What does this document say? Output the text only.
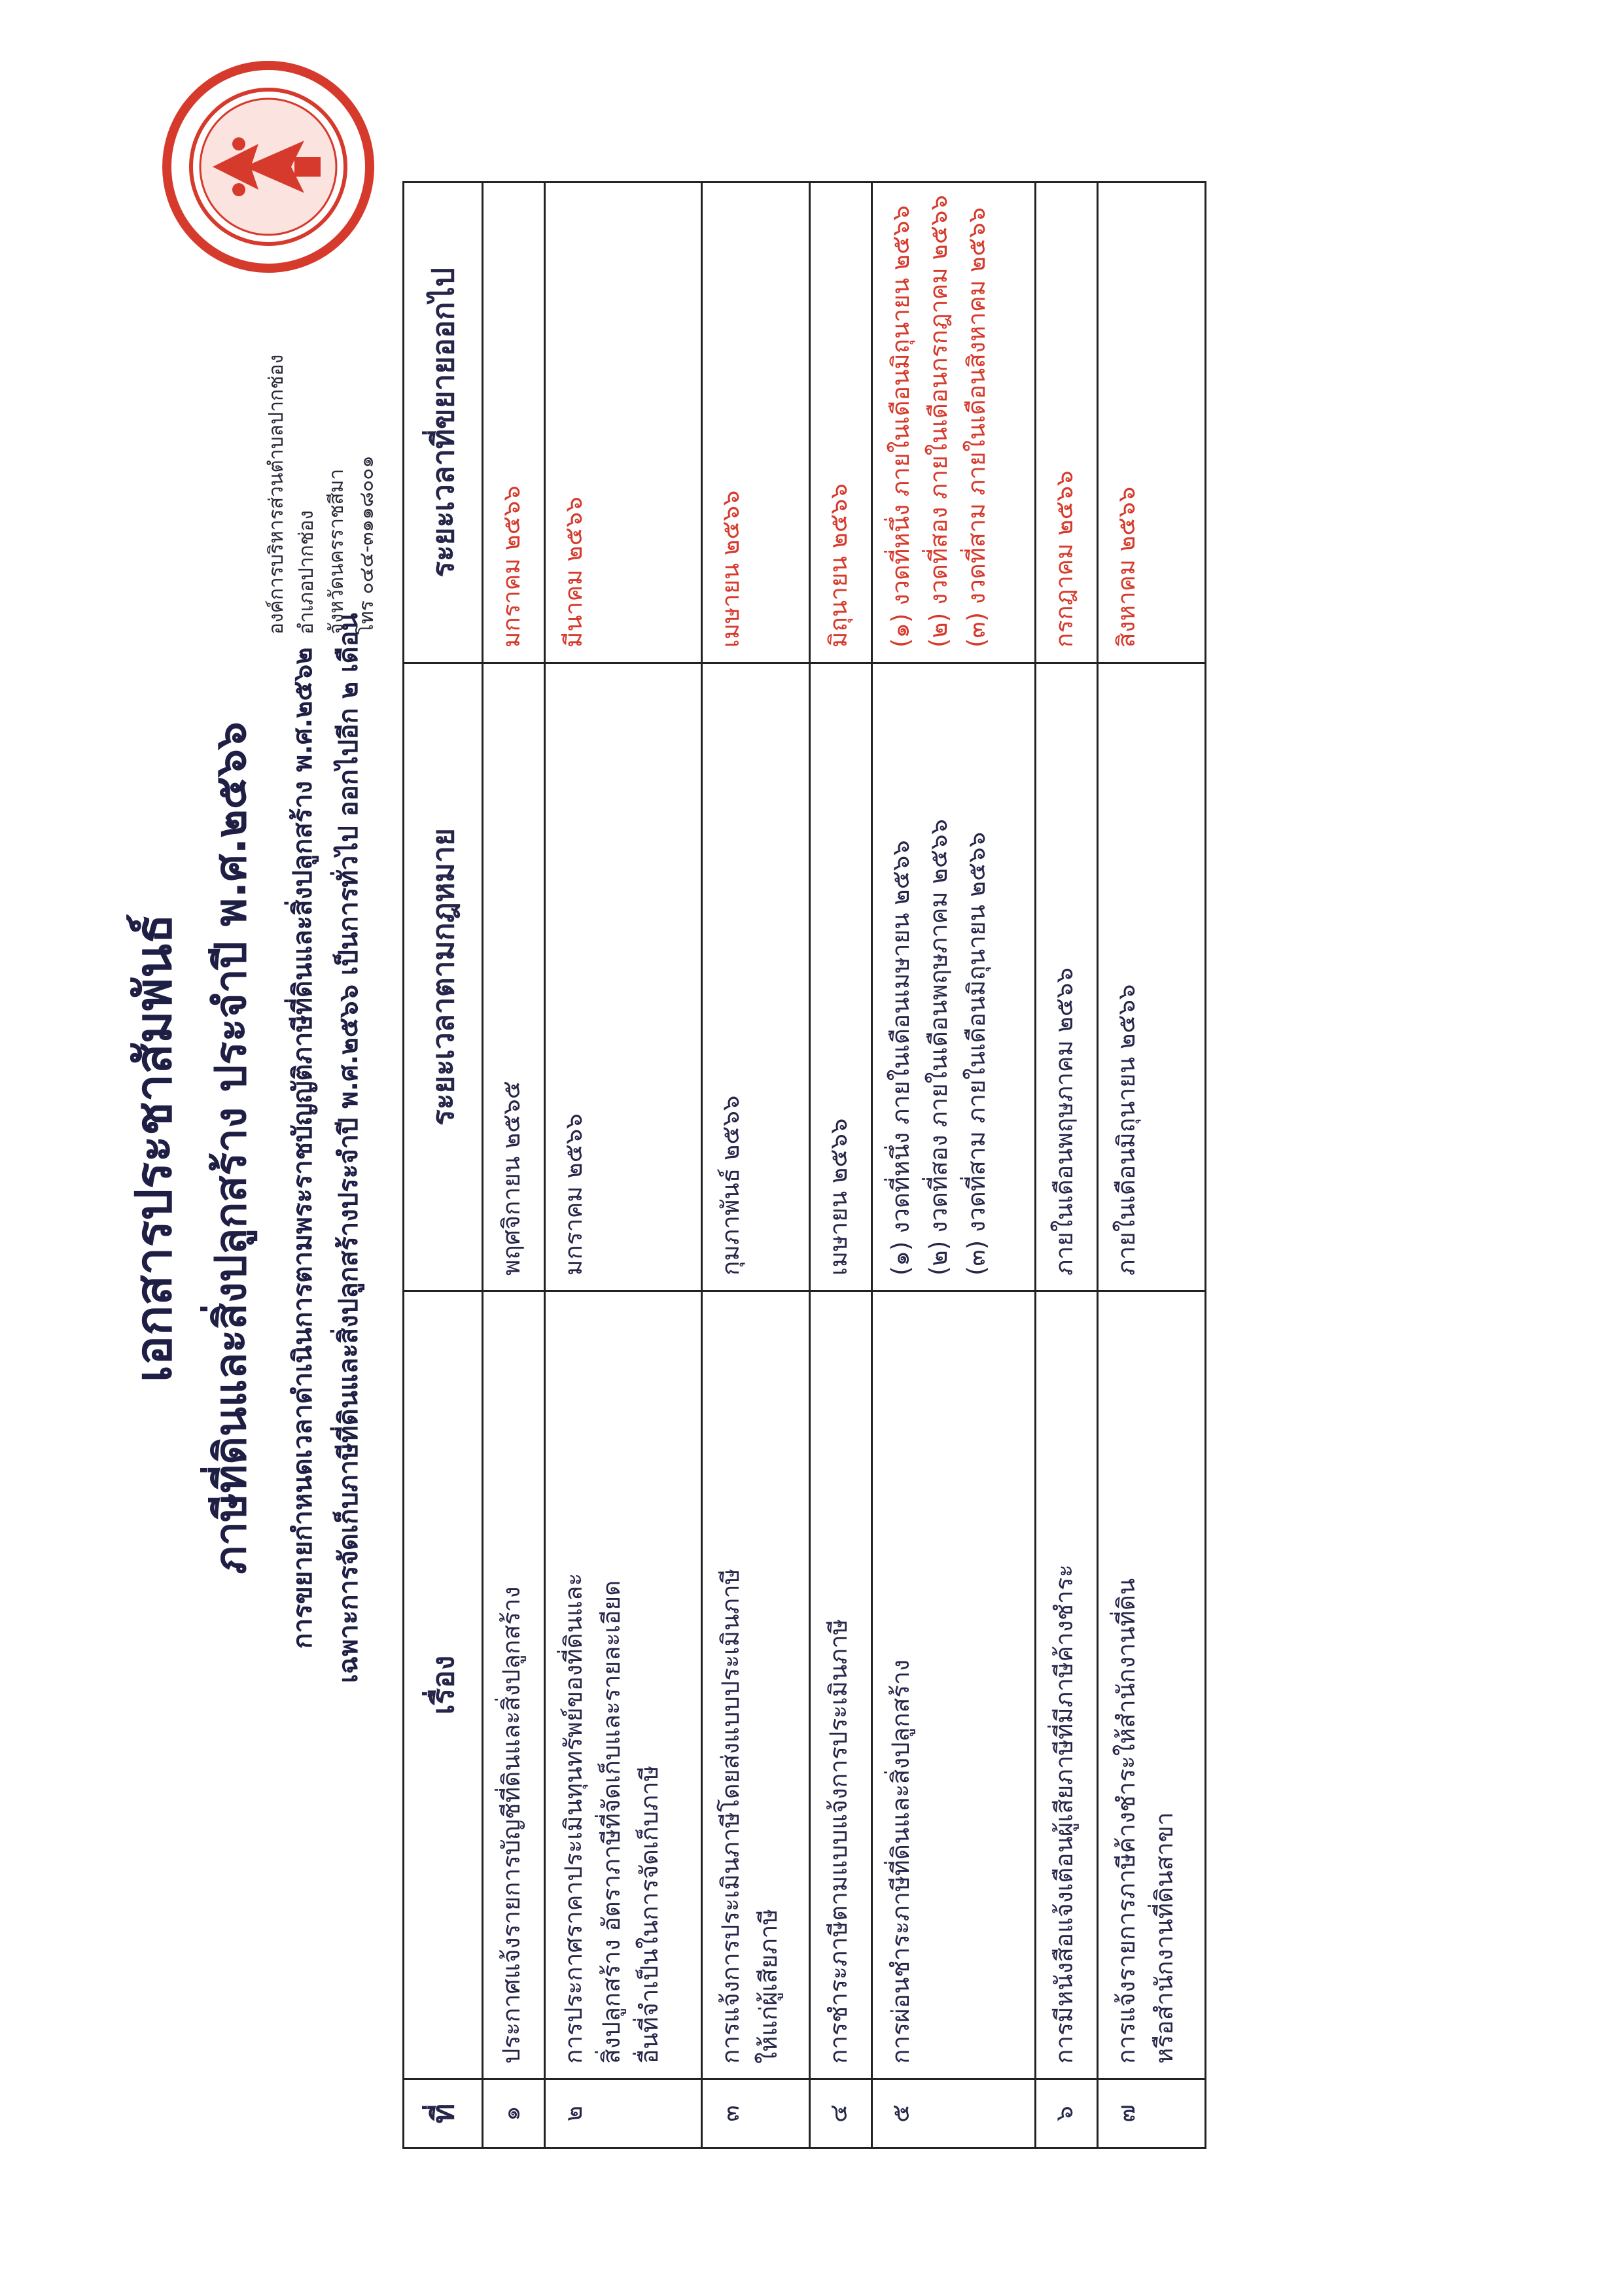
องค์การบริหารส่วนตำบลปากช่อง อำเภอปากช่อง จังหวัดนครราชสีมา โทร ๐๔๔-๓๑๑๘๐๐๑
เอกสารประชาสัมพันธ์ ภาษีที่ดินและสิ่งปลูกสร้าง ประจำปี พ.ศ.๒๕๖๖	การขยายกำหนดเวลาดำเนินการตามพระราชบัญญัติภาษีที่ดินและสิ่งปลูกสร้าง พ.ศ.๒๕๖๒ เฉพาะการจัดเก็บภาษีที่ดินและสิ่งปลูกสร้างประจำปี พ.ศ.๒๕๖๖ เป็นการทั่วไป ออกไปอีก ๒ เดือน
ที่	เรื่อง	ระยะเวลาตามกฎหมาย	ระยะเวลาที่ขยายออกไป
๑	ประกาศแจ้งรายการบัญชีที่ดินและสิ่งปลูกสร้าง	พฤศจิกายน ๒๕๖๕	มกราคม ๒๕๖๖

๒	การประกาศราคาประเมินทุนทรัพย์ของที่ดินและ สิ่งปลูกสร้าง อัตราภาษีที่จัดเก็บและรายละเอียด อื่นที่จำเป็นในการจัดเก็บภาษี	มกราคม ๒๕๖๖	มีนาคม ๒๕๖๖

๓	การแจ้งการประเมินภาษีโดยส่งแบบประเมินภาษี ให้แก่ผู้เสียภาษี	กุมภาพันธ์ ๒๕๖๖	เมษายน ๒๕๖๖

๔	การชำระภาษีตามแบบแจ้งการประเมินภาษี	เมษายน ๒๕๖๖	มิถุนายน ๒๕๖๖

๕	การผ่อนชำระภาษีที่ดินและสิ่งปลูกสร้าง	(๑) งวดที่หนึ่ง ภายในเดือนเมษายน ๒๕๖๖ (๒) งวดที่สอง ภายในเดือนพฤษภาคม ๒๕๖๖ (๓) งวดที่สาม ภายในเดือนมิถุนายน ๒๕๖๖	(๑) งวดที่หนึ่ง ภายในเดือนมิถุนายน ๒๕๖๖ (๒) งวดที่สอง ภายในเดือนกรกฎาคม ๒๕๖๖ (๓) งวดที่สาม ภายในเดือนสิงหาคม ๒๕๖๖

๖	การมีหนังสือแจ้งเตือนผู้เสียภาษีที่มีภาษีค้างชำระ	ภายในเดือนพฤษภาคม ๒๕๖๖	กรกฎาคม ๒๕๖๖

๗	การแจ้งรายการภาษีค้างชำระให้สำนักงานที่ดิน หรือสำนักงานที่ดินสาขา	ภายในเดือนมิถุนายน ๒๕๖๖	สิงหาคม ๒๕๖๖
